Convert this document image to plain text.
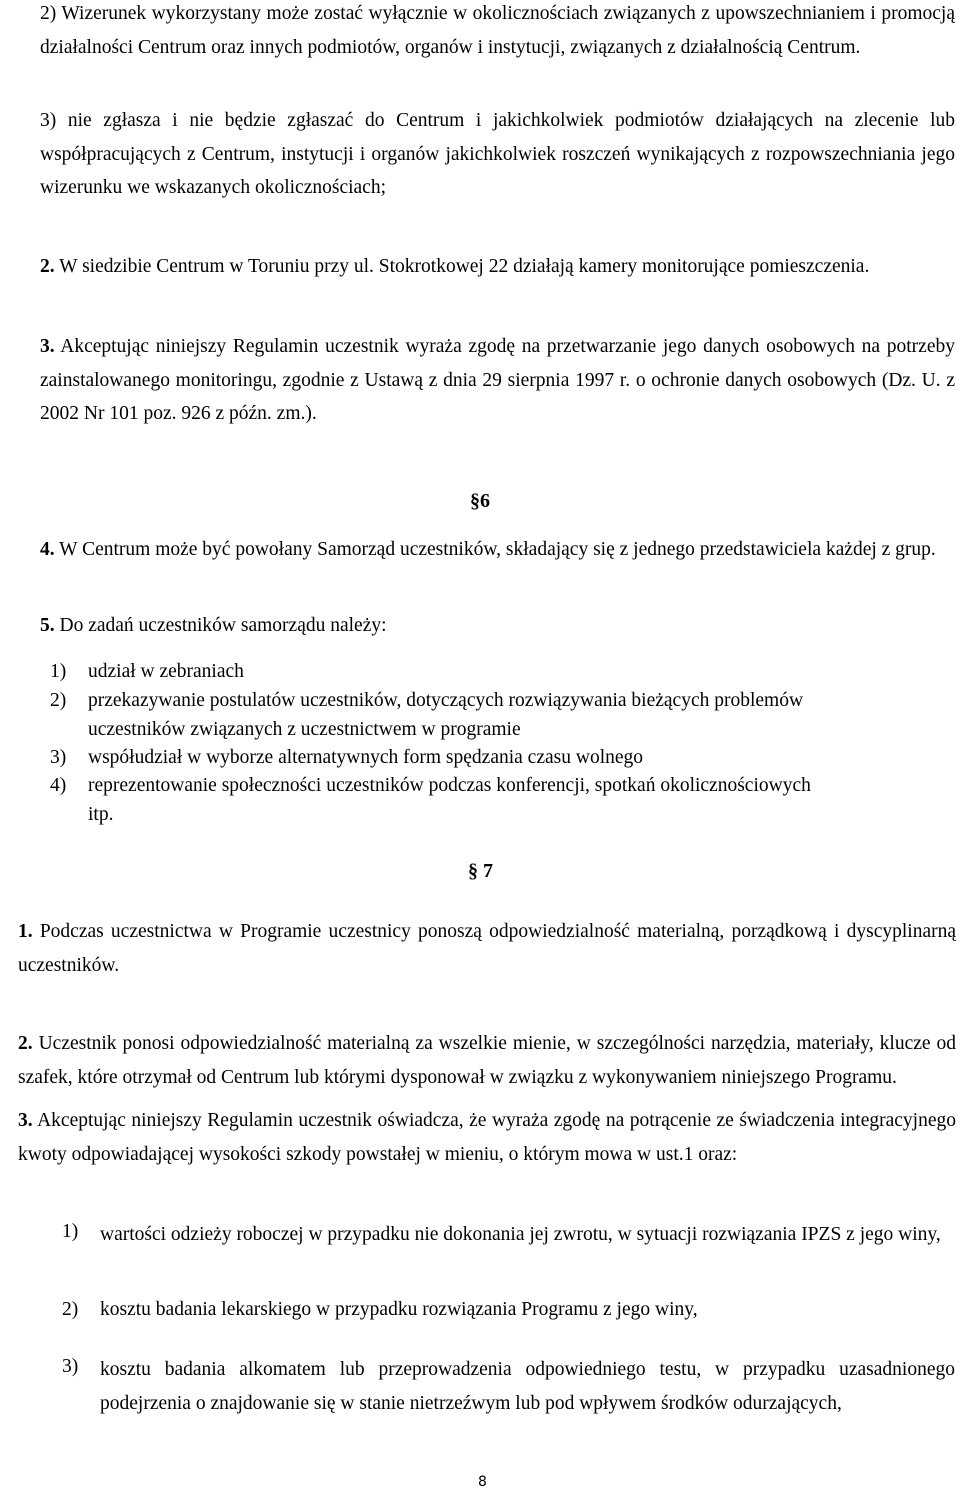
2) Wizerunek wykorzystany może zostać wyłącznie w okolicznościach związanych z upowszechnianiem i promocją działalności Centrum oraz innych podmiotów, organów i instytucji, związanych z działalnością Centrum.
3) nie zgłasza i nie będzie zgłaszać do Centrum i jakichkolwiek podmiotów działających na zlecenie lub współpracujących z Centrum, instytucji i organów jakichkolwiek roszczeń wynikających z rozpowszechniania jego wizerunku we wskazanych okolicznościach;
2. W siedzibie Centrum w Toruniu przy ul. Stokrotkowej 22 działają kamery monitorujące pomieszczenia.
3. Akceptując niniejszy Regulamin uczestnik wyraża zgodę na przetwarzanie jego danych osobowych na potrzeby zainstalowanego monitoringu, zgodnie z Ustawą z dnia 29 sierpnia 1997 r. o ochronie danych osobowych (Dz. U. z 2002 Nr 101 poz. 926 z późn. zm.).
§6
4. W Centrum może być powołany Samorząd uczestników, składający się z jednego przedstawiciela każdej z grup.
5. Do zadań uczestników samorządu należy:
1) udział w zebraniach
2) przekazywanie postulatów uczestników, dotyczących rozwiązywania bieżących problemów uczestników związanych z uczestnictwem w programie
3) współudział w wyborze alternatywnych form spędzania czasu wolnego
4) reprezentowanie społeczności uczestników podczas konferencji, spotkań okolicznościowych itp.
§ 7
1. Podczas uczestnictwa w Programie uczestnicy ponoszą odpowiedzialność materialną, porządkową i dyscyplinarną uczestników.
2. Uczestnik ponosi odpowiedzialność materialną za wszelkie mienie, w szczególności narzędzia, materiały, klucze od szafek, które otrzymał od Centrum lub którymi dysponował w związku z wykonywaniem niniejszego Programu.
3. Akceptując niniejszy Regulamin uczestnik oświadcza, że wyraża zgodę na potrącenie ze świadczenia integracyjnego kwoty odpowiadającej wysokości szkody powstałej w mieniu, o którym mowa w ust.1 oraz:
1) wartości odzieży roboczej w przypadku nie dokonania jej zwrotu, w sytuacji rozwiązania IPZS z jego winy,
2) kosztu badania lekarskiego w przypadku rozwiązania Programu z jego winy,
3) kosztu badania alkomatem lub przeprowadzenia odpowiedniego testu, w przypadku uzasadnionego podejrzenia o znajdowanie się w stanie nietrzeźwym lub pod wpływem środków odurzających,
8
